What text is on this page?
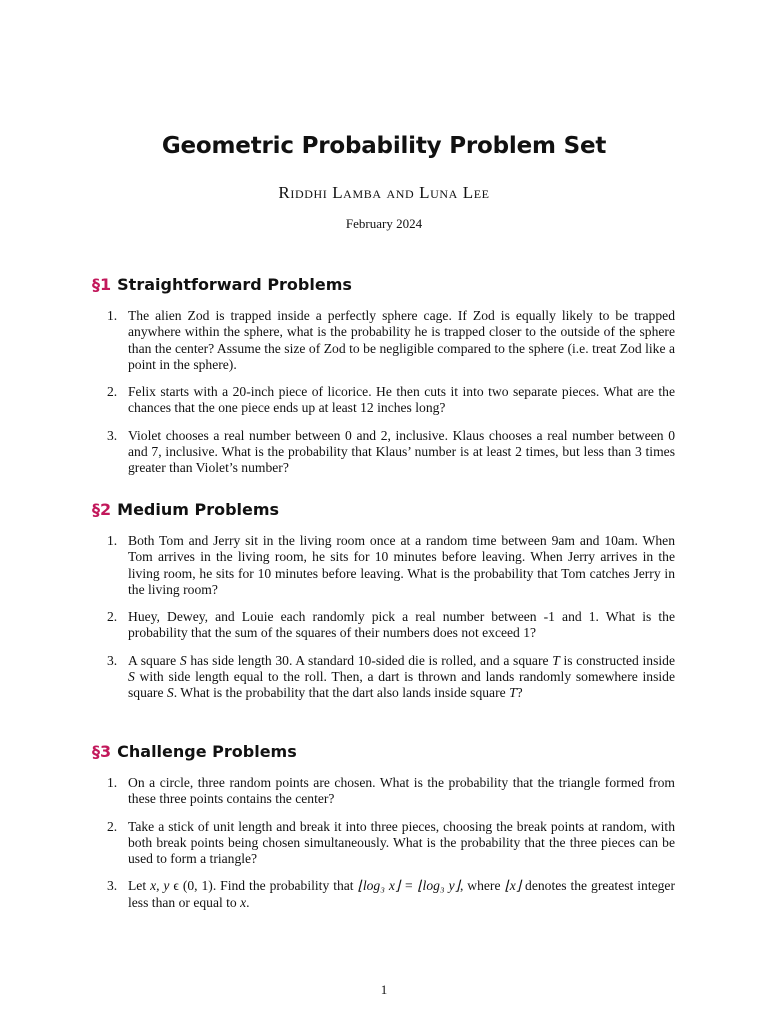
Geometric Probability Problem Set
Riddhi Lamba and Luna Lee
February 2024
§1 Straightforward Problems
1. The alien Zod is trapped inside a perfectly sphere cage. If Zod is equally likely to be trapped anywhere within the sphere, what is the probability he is trapped closer to the outside of the sphere than the center? Assume the size of Zod to be negligible compared to the sphere (i.e. treat Zod like a point in the sphere).
2. Felix starts with a 20-inch piece of licorice. He then cuts it into two separate pieces. What are the chances that the one piece ends up at least 12 inches long?
3. Violet chooses a real number between 0 and 2, inclusive. Klaus chooses a real number between 0 and 7, inclusive. What is the probability that Klaus’ number is at least 2 times, but less than 3 times greater than Violet’s number?
§2 Medium Problems
1. Both Tom and Jerry sit in the living room once at a random time between 9am and 10am. When Tom arrives in the living room, he sits for 10 minutes before leaving. When Jerry arrives in the living room, he sits for 10 minutes before leaving. What is the probability that Tom catches Jerry in the living room?
2. Huey, Dewey, and Louie each randomly pick a real number between -1 and 1. What is the probability that the sum of the squares of their numbers does not exceed 1?
3. A square S has side length 30. A standard 10-sided die is rolled, and a square T is constructed inside S with side length equal to the roll. Then, a dart is thrown and lands randomly somewhere inside square S. What is the probability that the dart also lands inside square T?
§3 Challenge Problems
1. On a circle, three random points are chosen. What is the probability that the triangle formed from these three points contains the center?
2. Take a stick of unit length and break it into three pieces, choosing the break points at random, with both break points being chosen simultaneously. What is the probability that the three pieces can be used to form a triangle?
3. Let x, y ϵ (0, 1). Find the probability that ⌊log₃ x⌋ = ⌊log₃ y⌋, where ⌊x⌋ denotes the greatest integer less than or equal to x.
1
